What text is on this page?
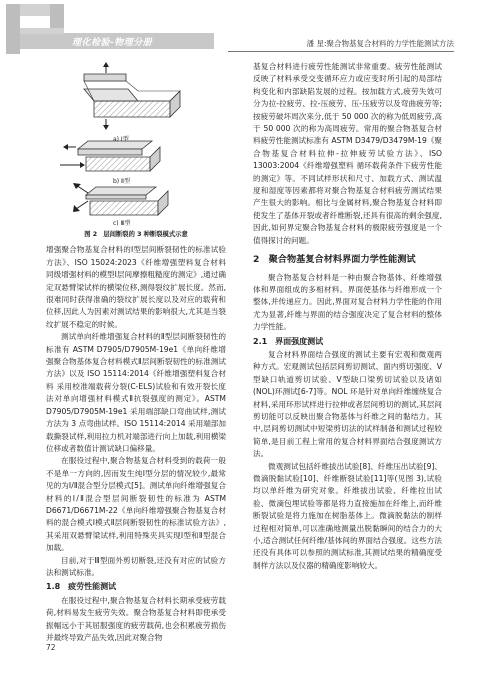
理化检验-物理分册	潘 星:聚合物基复合材料的力学性能测试方法
a) Ⅰ型
b) Ⅱ型
c) Ⅲ型
图 2　层间断裂的 3 种断裂模式示意

增强聚合物基复合材料的Ⅰ型层间断裂韧性的标准试验方法》、ISO 15024:2023《纤维增强塑料复合材料 同级增强材料的模型Ⅰ层间摩擦粗糙度的测定》,通过确定双悬臂梁试样的横梁位移,测得裂纹扩展长度。然而,很难同时获得准确的裂纹扩展长度以及对应的载荷和位移,因此人为因素对测试结果的影响很大,尤其是当裂纹扩展不稳定的时候。

测试单向纤维增强复合材料的Ⅱ型层间断裂韧性的标准有 ASTM D7905/D7905M-19e1《单向纤维增强聚合物基体复合材料模式Ⅱ层间断裂韧性的标准测试方法》以及 ISO 15114:2014《纤维增强塑料复合材料 采用校准端载荷分裂(C-ELS)试验和有效开裂长度法对单向增强材料模式Ⅱ抗裂强度的测定》。ASTM D7905/D7905M-19e1 采用端部缺口弯曲试样,测试方法为 3 点弯曲试样。ISO 15114:2014 采用端部加载撕裂试样,利用拉力机对端部进行向上加载,利用横梁位移或者数值计测试缺口偏移量。

在服役过程中,聚合物基复合材料受到的载荷一般不是单一方向的,因而发生纯Ⅰ型分层的情况较少,最常见的为Ⅰ/Ⅱ混合型分层模式[5]。测试单向纤维增强复合材料的Ⅰ/Ⅱ混合型层间断裂韧性的标准为 ASTM D6671/D6671M-22《单向纤维增强聚合物基复合材料的混合模式Ⅰ模式Ⅱ层间断裂韧性的标准试验方法》,其采用双悬臂梁试样,利用特殊夹具实现Ⅰ型和Ⅱ型混合加载。

目前,对于Ⅲ型面外剪切断裂,还没有对应的试验方法和测试标准。

1.8　疲劳性能测试

在服役过程中,聚合物基复合材料长期承受疲劳载荷,材料易发生疲劳失效。聚合物基复合材料即使承受振幅远小于其屈服强度的疲劳载荷,也会积累疲劳损伤并最终导致产品失效,因此对聚合物

基复合材料进行疲劳性能测试非常重要。疲劳性能测试反映了材料承受交变循环应力或应变时所引起的局部结构变化和内部缺陷发展的过程。按加载方式,疲劳失效可分为拉-拉疲劳、拉-压疲劳、压-压疲劳以及弯曲疲劳等;按疲劳破坏周次来分,低于 50 000 次的称为低周疲劳,高于 50 000 次的称为高周疲劳。常用的聚合物基复合材料疲劳性能测试标准有 ASTM D3479/D3479M-19《聚合物基复合材料拉伸-拉伸疲劳试验方法》、ISO 13003:2004《纤维增强塑料 循环载荷条件下疲劳性能的测定》等。不同试样形状和尺寸、加载方式、测试温度和湿度等因素都将对聚合物基复合材料疲劳测试结果产生很大的影响。相比与金属材料,聚合物基复合材料即使发生了基体开裂或者纤维断裂,还具有很高的剩余强度,因此,如何界定聚合物基复合材料的极限疲劳强度是一个值得探讨的问题。

2　聚合物基复合材料界面力学性能测试

聚合物基复合材料是一种由聚合物基体、纤维增强体和界面组成的多相材料。界面使基体与纤维形成一个整体,并传递应力。因此,界面对复合材料力学性能的作用尤为显著,纤维与界面的结合强度决定了复合材料的整体力学性能。

2.1　界面强度测试

复合材料界面结合强度的测试主要有宏观和微观两种方式。宏观测试包括层间剪切测试、面内剪切强度、V型缺口轨道剪切试验、V型缺口梁剪切试验以及诸如(NOL)环测试[6-7]等。NOL 环是针对单向纤维缠绕复合材料,采用环形试样进行拉伸或者层间剪切的测试,其层间剪切能可以反映出聚合物基体与纤维之间的黏结力。其中,层间剪切测试中短梁剪切法的试样制备和测试过程较简单,是目前工程上常用的复合材料界面结合强度测试方法。

微观测试包括纤维拔出试验[8]、纤维压出试验[9]、微滴脱黏试验[10]、纤维断裂试验[11]等(见图 3),试验均以单纤维为研究对象。纤维拔出试验、纤维拉出试验、微滴包埋试验等都是将力直接施加在纤维上,而纤维断裂试验是将力施加在树脂基体上。微滴脱黏法的制样过程相对简单,可以准确地测量出脱黏瞬间的结合力的大小,适合测试任何纤维/基体间的界面结合强度。这些方法还没有具体可以参照的测试标准,其测试结果的精确度受制样方法以及仪器的精确度影响较大。

72
